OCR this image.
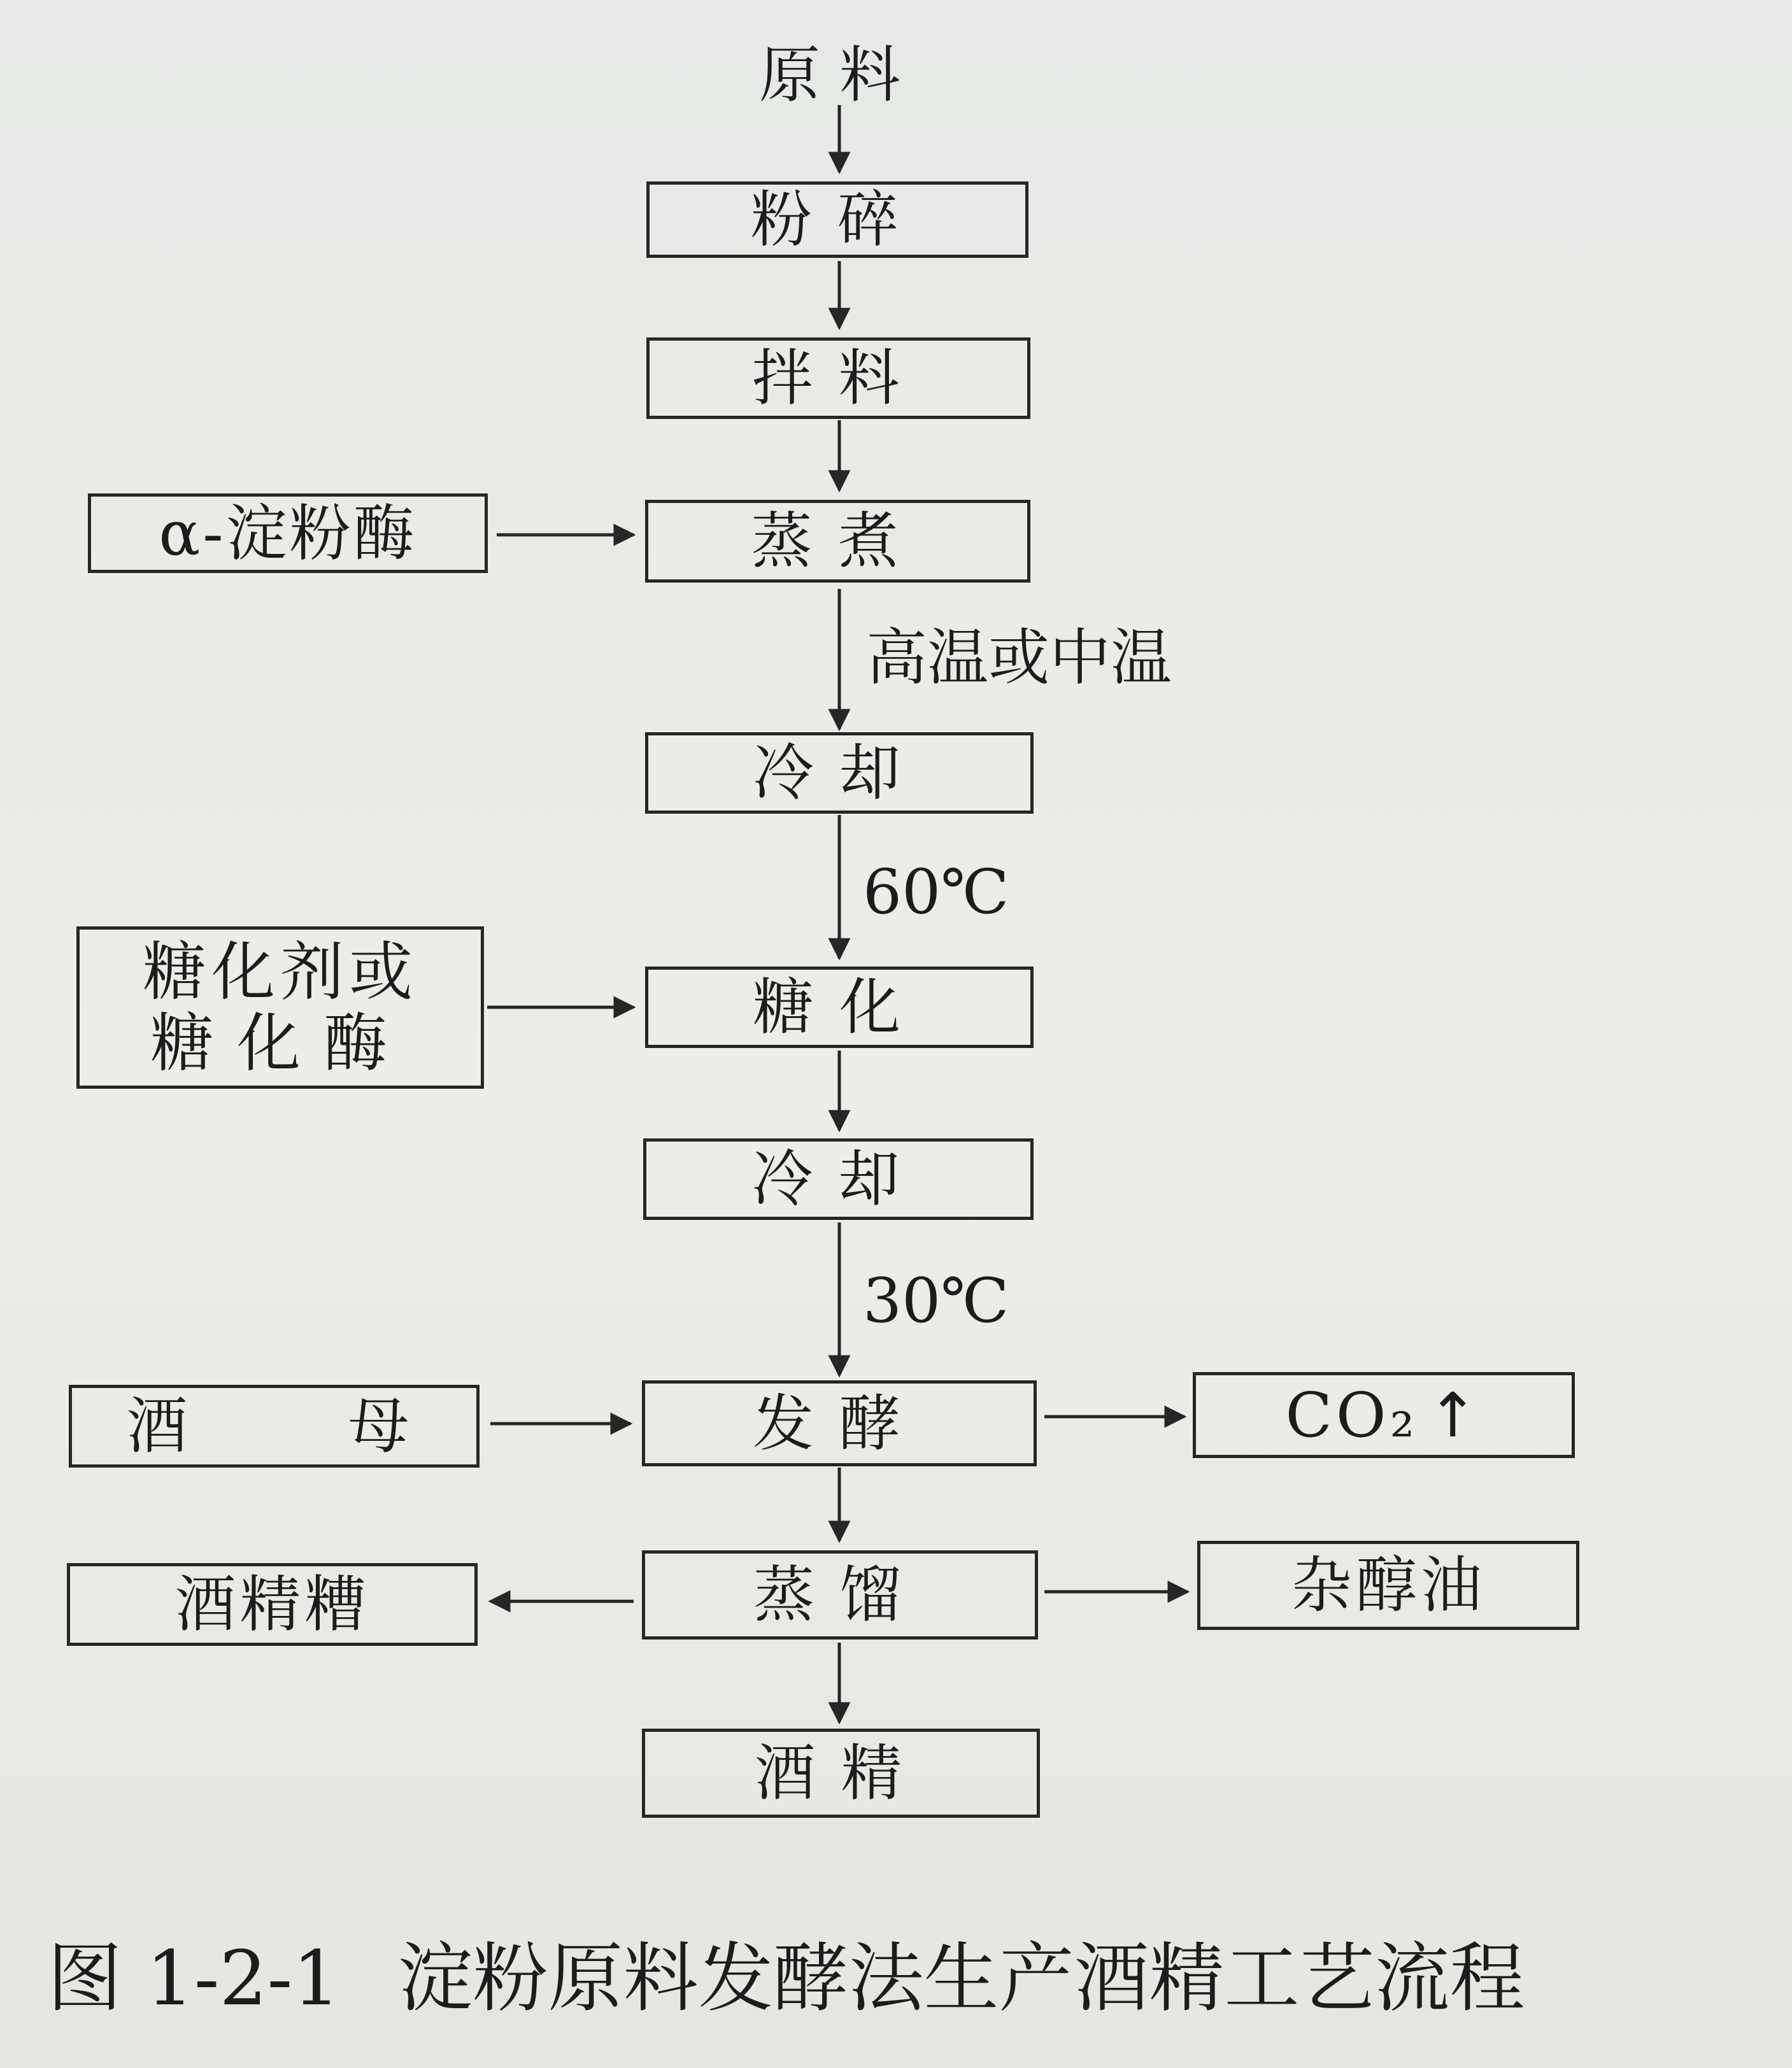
原料
粉碎
拌料
蒸煮
冷却
糖化
冷却
发酵
蒸馏
酒精
α-淀粉酶
糖化剂或
糖化酶
酒　　母	CO₂ ↑
杂醇油
酒精糟
高温或中温
60℃
30℃
图 1-2-1 淀粉原料发酵法生产酒精工艺流程
